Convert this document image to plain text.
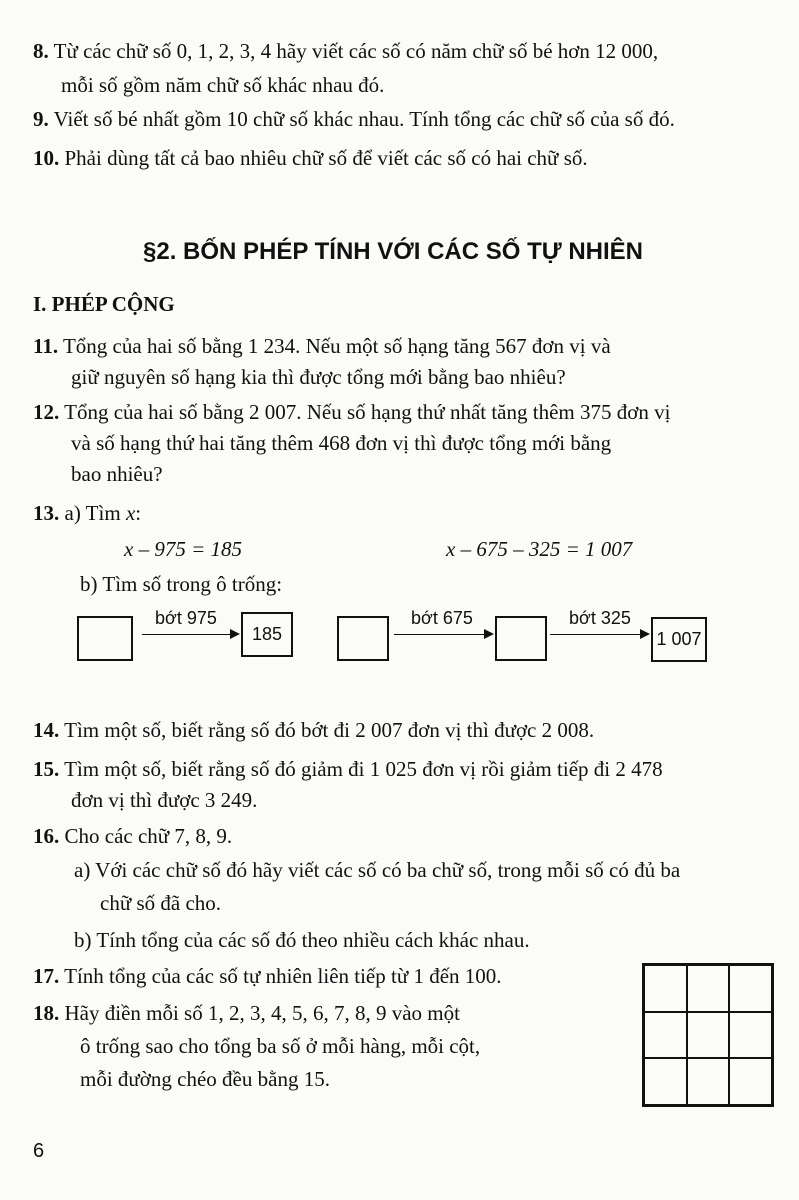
8. Từ các chữ số 0, 1, 2, 3, 4 hãy viết các số có năm chữ số bé hơn 12 000,
mỗi số gồm năm chữ số khác nhau đó.
9. Viết số bé nhất gồm 10 chữ số khác nhau. Tính tổng các chữ số của số đó.
10. Phải dùng tất cả bao nhiêu chữ số để viết các số có hai chữ số.
§2. BỐN PHÉP TÍNH VỚI CÁC SỐ TỰ NHIÊN
I. PHÉP CỘNG
11. Tổng của hai số bằng 1 234. Nếu một số hạng tăng 567 đơn vị và
giữ nguyên số hạng kia thì được tổng mới bằng bao nhiêu?
12. Tổng của hai số bằng 2 007. Nếu số hạng thứ nhất tăng thêm 375 đơn vị
và số hạng thứ hai tăng thêm 468 đơn vị thì được tổng mới bằng
bao nhiêu?
13. a) Tìm x:
x – 975 = 185	x – 675 – 325 = 1 007
b) Tìm số trong ô trống:
bớt 975
185
bớt 675	bớt 325
1 007
14. Tìm một số, biết rằng số đó bớt đi 2 007 đơn vị thì được 2 008.
15. Tìm một số, biết rằng số đó giảm đi 1 025 đơn vị rồi giảm tiếp đi 2 478
đơn vị thì được 3 249.
16. Cho các chữ 7, 8, 9.
a) Với các chữ số đó hãy viết các số có ba chữ số, trong mỗi số có đủ ba
chữ số đã cho.
b) Tính tổng của các số đó theo nhiều cách khác nhau.
17. Tính tổng của các số tự nhiên liên tiếp từ 1 đến 100.
18. Hãy điền mỗi số 1, 2, 3, 4, 5, 6, 7, 8, 9 vào một
ô trống sao cho tổng ba số ở mỗi hàng, mỗi cột,
mỗi đường chéo đều bằng 15.
6
